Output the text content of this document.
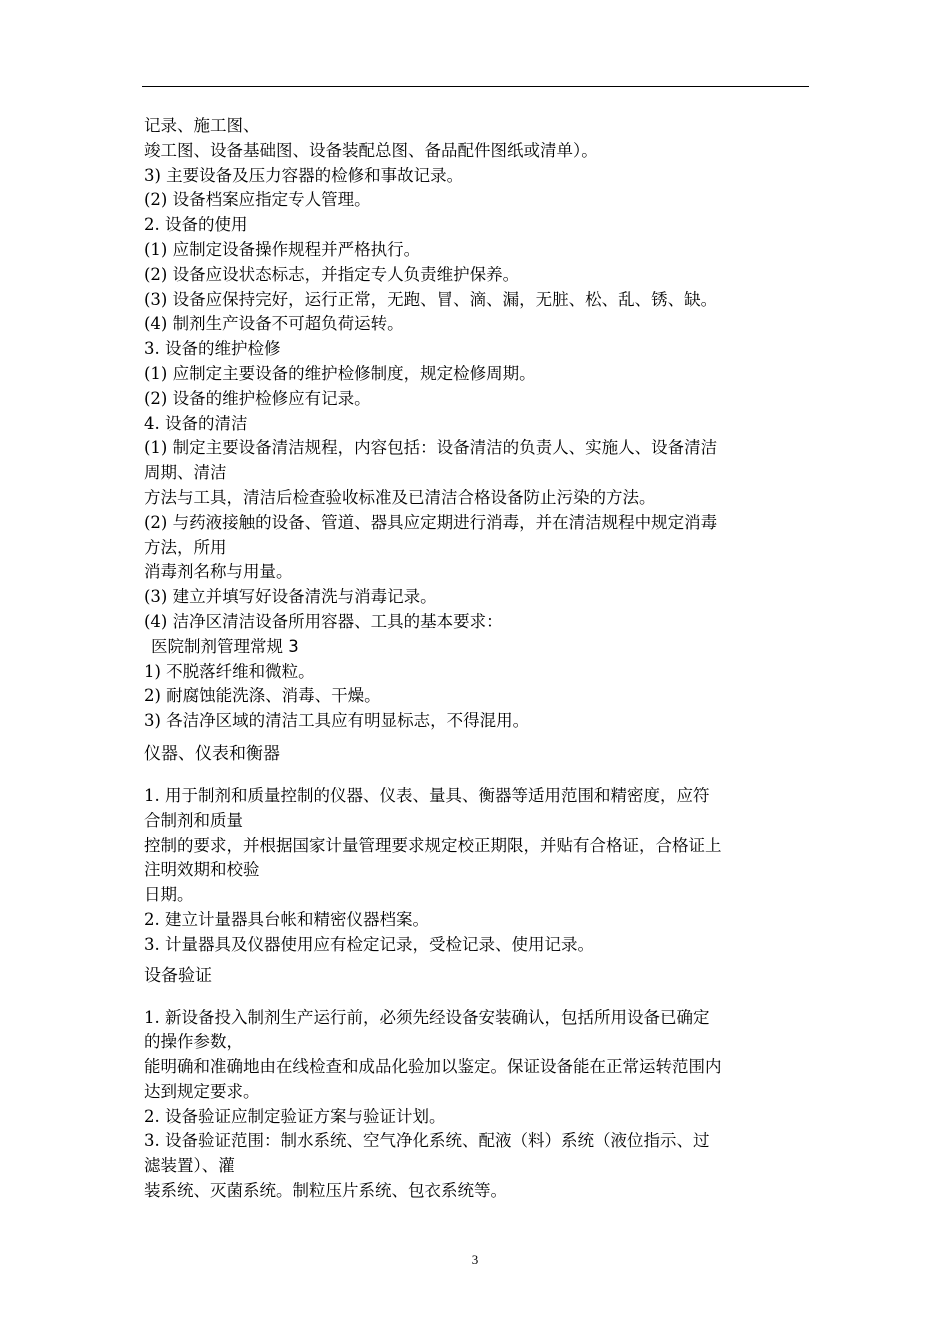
记录、施工图、
竣工图、设备基础图、设备装配总图、备品配件图纸或清单）。
3) 主要设备及压力容器的检修和事故记录。
(2) 设备档案应指定专人管理。
2. 设备的使用
(1) 应制定设备操作规程并严格执行。
(2) 设备应设状态标志，并指定专人负责维护保养。
(3) 设备应保持完好，运行正常，无跑、冒、滴、漏，无脏、松、乱、锈、缺。
(4) 制剂生产设备不可超负荷运转。
3. 设备的维护检修
(1) 应制定主要设备的维护检修制度，规定检修周期。
(2) 设备的维护检修应有记录。
4. 设备的清洁
(1) 制定主要设备清洁规程，内容包括：设备清洁的负责人、实施人、设备清洁
周期、清洁
方法与工具，清洁后检查验收标准及已清洁合格设备防止污染的方法。
(2) 与药液接触的设备、管道、器具应定期进行消毒，并在清洁规程中规定消毒
方法，所用
消毒剂名称与用量。
(3) 建立并填写好设备清洗与消毒记录。
(4) 洁净区清洁设备所用容器、工具的基本要求：
医院制剂管理常规 3
1) 不脱落纤维和微粒。
2) 耐腐蚀能洗涤、消毒、干燥。
3) 各洁净区域的清洁工具应有明显标志，不得混用。
仪器、仪表和衡器
1. 用于制剂和质量控制的仪器、仪表、量具、衡器等适用范围和精密度，应符
合制剂和质量
控制的要求，并根据国家计量管理要求规定校正期限，并贴有合格证，合格证上
注明效期和校验
日期。
2. 建立计量器具台帐和精密仪器档案。
3. 计量器具及仪器使用应有检定记录，受检记录、使用记录。
设备验证
1. 新设备投入制剂生产运行前，必须先经设备安装确认，包括所用设备已确定
的操作参数，
能明确和准确地由在线检查和成品化验加以鉴定。保证设备能在正常运转范围内
达到规定要求。
2. 设备验证应制定验证方案与验证计划。
3. 设备验证范围：制水系统、空气净化系统、配液（料）系统（液位指示、过
滤装置）、灌
装系统、灭菌系统。制粒压片系统、包衣系统等。
3
